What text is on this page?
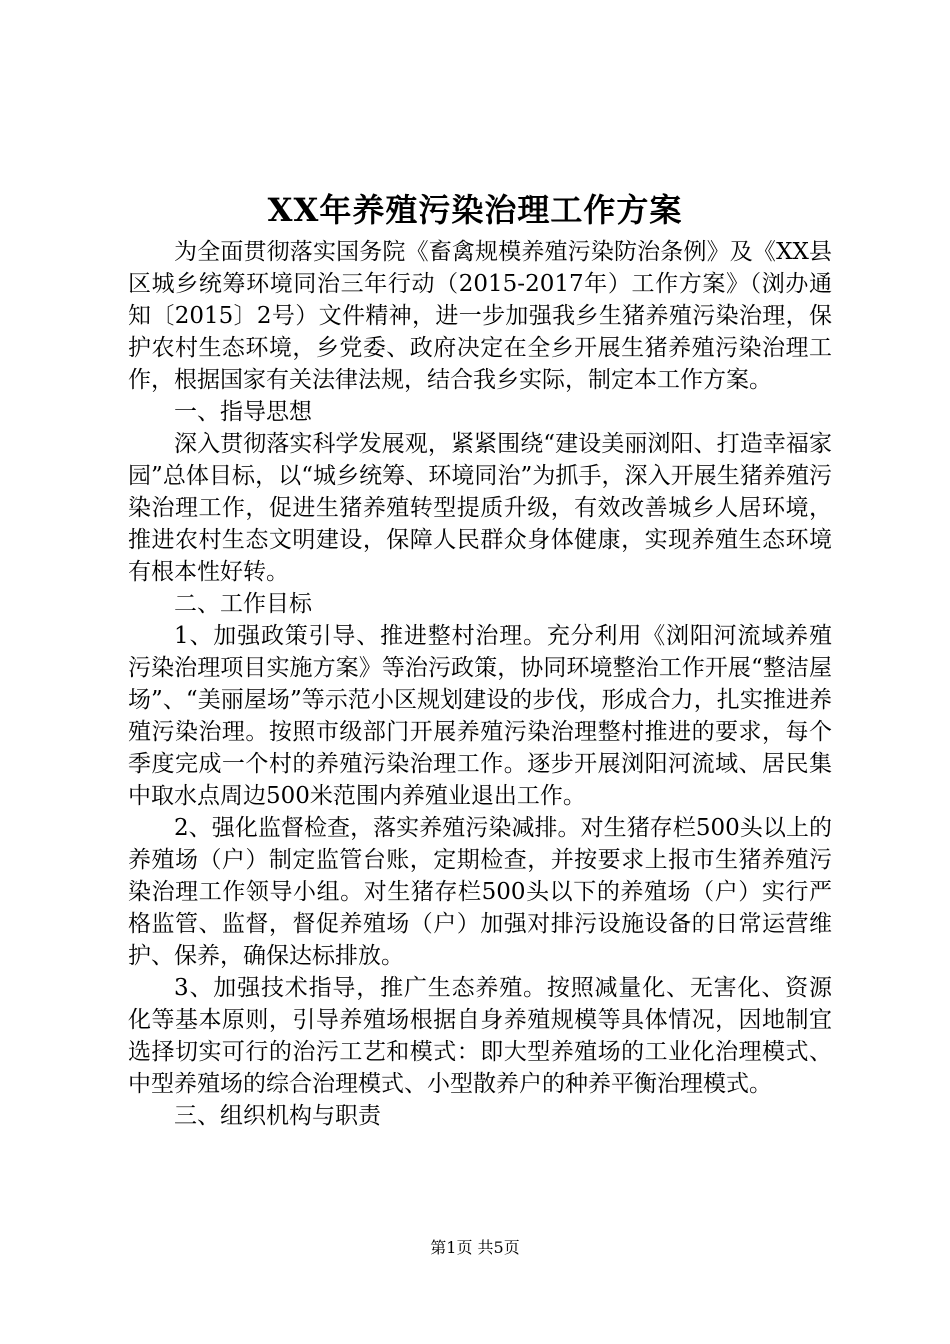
XX年养殖污染治理工作方案

为全面贯彻落实国务院《畜禽规模养殖污染防治条例》及《XX县区城乡统筹环境同治三年行动（2015-2017年）工作方案》（浏办通知〔2015〕2号）文件精神，进一步加强我乡生猪养殖污染治理，保护农村生态环境，乡党委、政府决定在全乡开展生猪养殖污染治理工作，根据国家有关法律法规，结合我乡实际，制定本工作方案。

一、指导思想

深入贯彻落实科学发展观，紧紧围绕“建设美丽浏阳、打造幸福家园”总体目标，以“城乡统筹、环境同治”为抓手，深入开展生猪养殖污染治理工作，促进生猪养殖转型提质升级，有效改善城乡人居环境，推进农村生态文明建设，保障人民群众身体健康，实现养殖生态环境有根本性好转。

二、工作目标

1、加强政策引导、推进整村治理。充分利用《浏阳河流域养殖污染治理项目实施方案》等治污政策，协同环境整治工作开展“整洁屋场”、“美丽屋场”等示范小区规划建设的步伐，形成合力，扎实推进养殖污染治理。按照市级部门开展养殖污染治理整村推进的要求，每个季度完成一个村的养殖污染治理工作。逐步开展浏阳河流域、居民集中取水点周边500米范围内养殖业退出工作。

2、强化监督检查，落实养殖污染减排。对生猪存栏500头以上的养殖场（户）制定监管台账，定期检查，并按要求上报市生猪养殖污染治理工作领导小组。对生猪存栏500头以下的养殖场（户）实行严格监管、监督，督促养殖场（户）加强对排污设施设备的日常运营维护、保养，确保达标排放。

3、加强技术指导，推广生态养殖。按照减量化、无害化、资源化等基本原则，引导养殖场根据自身养殖规模等具体情况，因地制宜选择切实可行的治污工艺和模式：即大型养殖场的工业化治理模式、中型养殖场的综合治理模式、小型散养户的种养平衡治理模式。

三、组织机构与职责

第1页 共5页
